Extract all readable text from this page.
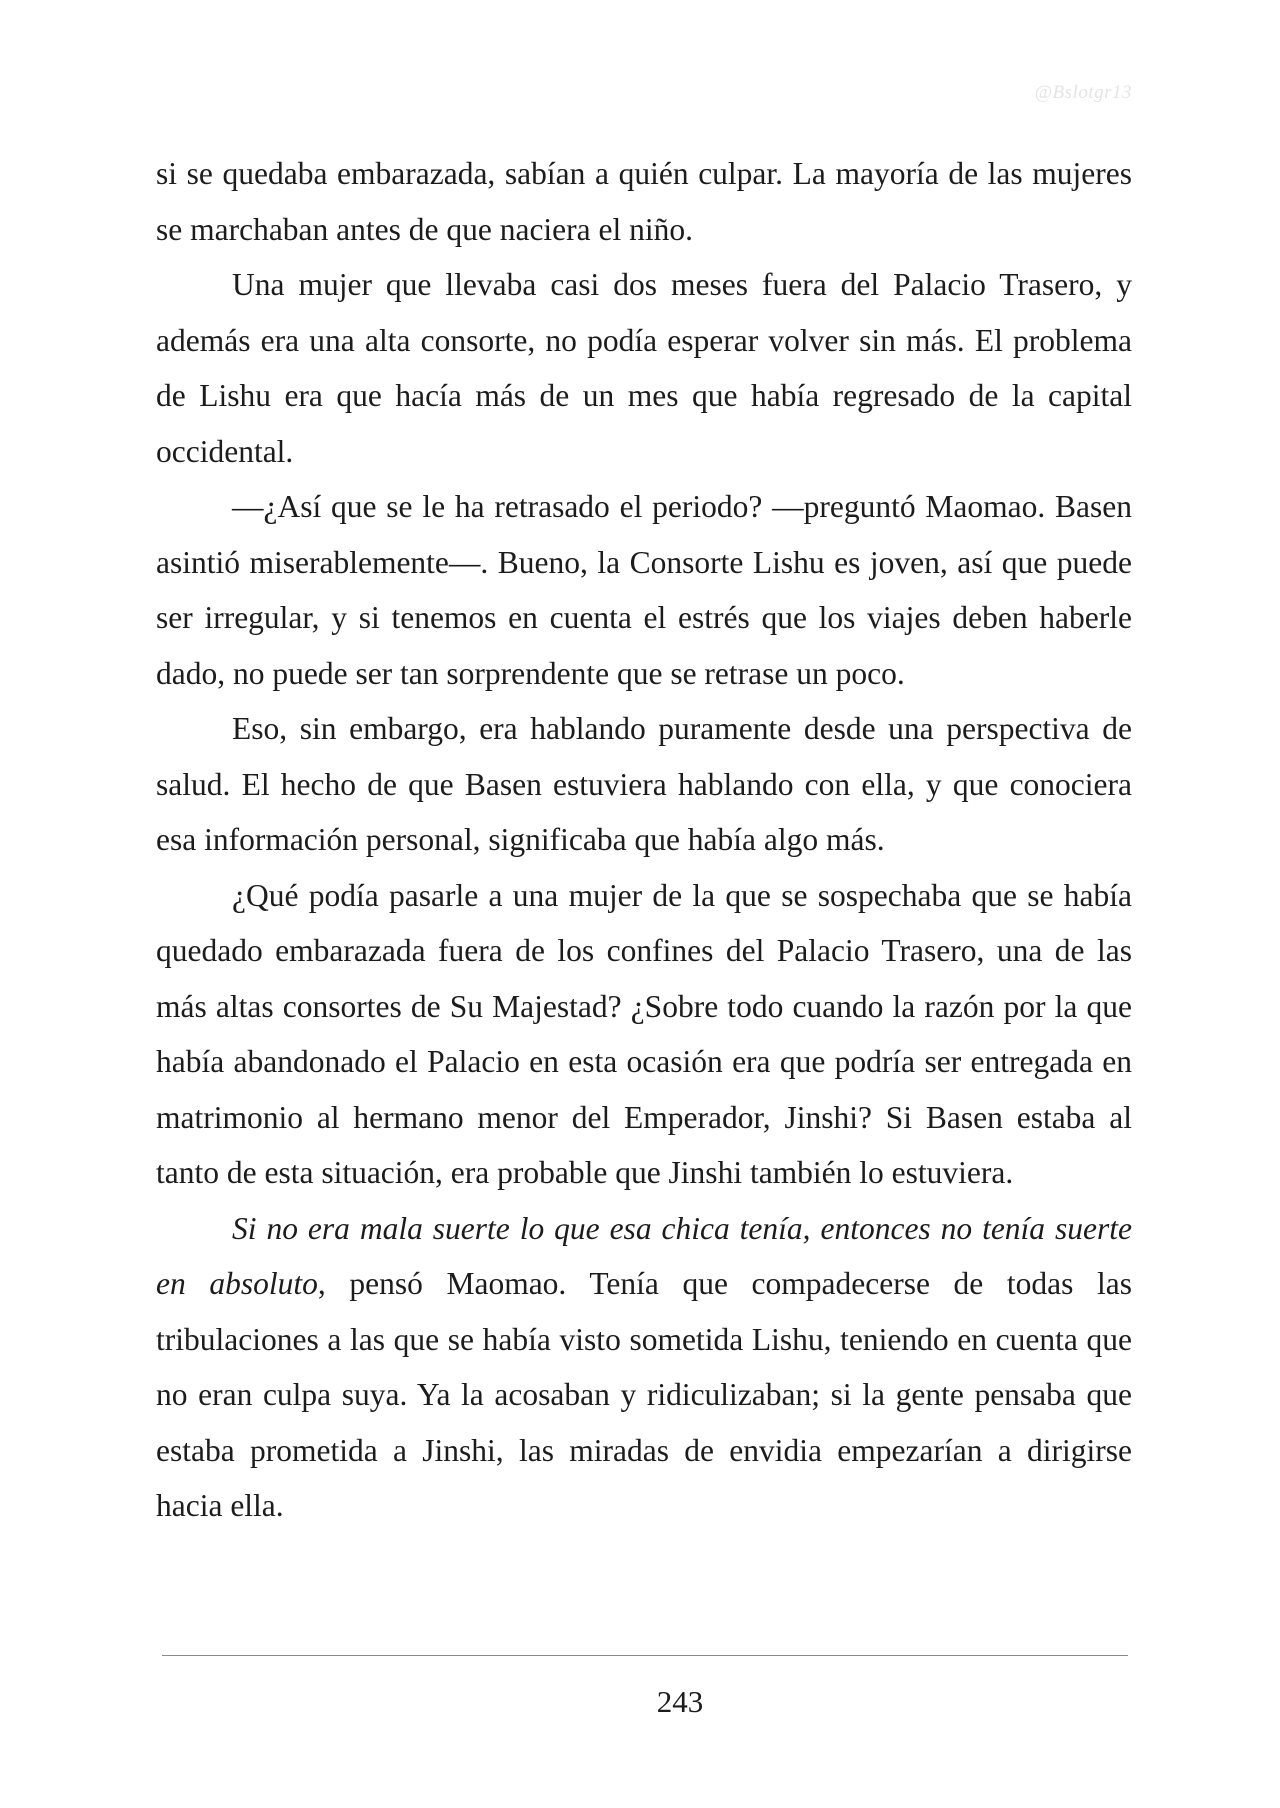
@Bslotgr13

si se quedaba embarazada, sabían a quién culpar. La mayoría de las mujeres se marchaban antes de que naciera el niño.

Una mujer que llevaba casi dos meses fuera del Palacio Trasero, y además era una alta consorte, no podía esperar volver sin más. El problema de Lishu era que hacía más de un mes que había regresado de la capital occidental.

—¿Así que se le ha retrasado el periodo? —preguntó Maomao. Basen asintió miserablemente—. Bueno, la Consorte Lishu es joven, así que puede ser irregular, y si tenemos en cuenta el estrés que los viajes deben haberle dado, no puede ser tan sorprendente que se retrase un poco.

Eso, sin embargo, era hablando puramente desde una perspectiva de salud. El hecho de que Basen estuviera hablando con ella, y que conociera esa información personal, significaba que había algo más.

¿Qué podía pasarle a una mujer de la que se sospechaba que se había quedado embarazada fuera de los confines del Palacio Trasero, una de las más altas consortes de Su Majestad? ¿Sobre todo cuando la razón por la que había abandonado el Palacio en esta ocasión era que podría ser entregada en matrimonio al hermano menor del Emperador, Jinshi? Si Basen estaba al tanto de esta situación, era probable que Jinshi también lo estuviera.

Si no era mala suerte lo que esa chica tenía, entonces no tenía suerte en absoluto, pensó Maomao. Tenía que compadecerse de todas las tribulaciones a las que se había visto sometida Lishu, teniendo en cuenta que no eran culpa suya. Ya la acosaban y ridiculizaban; si la gente pensaba que estaba prometida a Jinshi, las miradas de envidia empezarían a dirigirse hacia ella.

243
